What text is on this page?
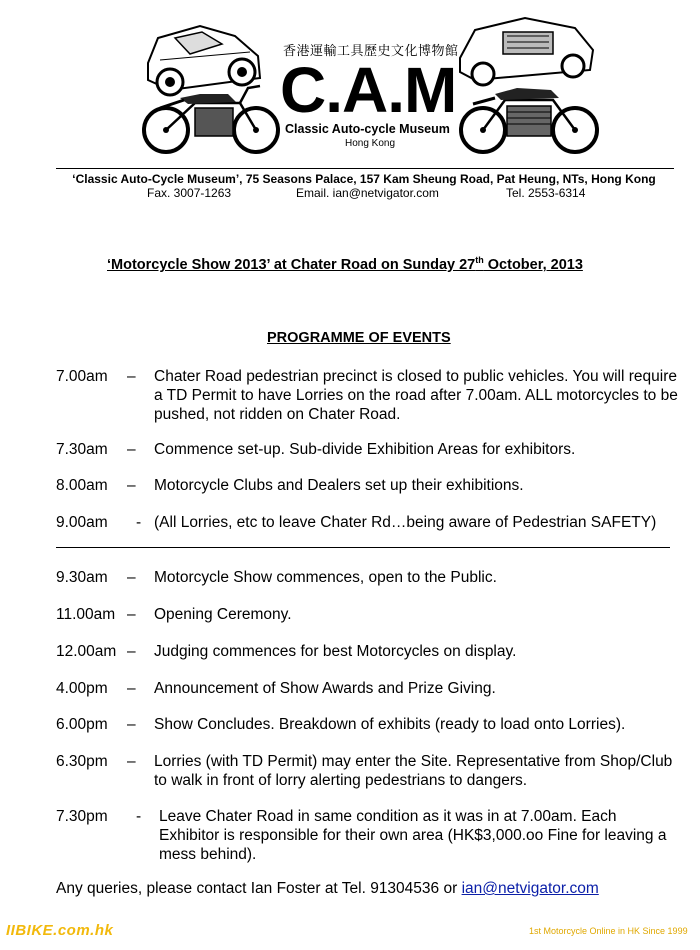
香港運輸工具歷史文化博物館
C.A.M
Classic Auto-cycle Museum
Hong Kong
‘Classic Auto-Cycle Museum’, 75 Seasons Palace, 157 Kam Sheung Road, Pat Heung, NTs, Hong Kong
Fax. 3007-1263	Email. ian@netvigator.com	Tel. 2553-6314
‘Motorcycle Show 2013’ at Chater Road on Sunday 27th October, 2013
PROGRAMME OF EVENTS
7.00am – Chater Road pedestrian precinct is closed to public vehicles. You will require a TD Permit to have Lorries on the road after 7.00am. ALL motorcycles to be pushed, not ridden on Chater Road.
7.30am – Commence set-up. Sub-divide Exhibition Areas for exhibitors.
8.00am – Motorcycle Clubs and Dealers set up their exhibitions.
9.00am - (All Lorries, etc to leave Chater Rd…being aware of Pedestrian SAFETY)
9.30am – Motorcycle Show commences, open to the Public.
11.00am – Opening Ceremony.
12.00am – Judging commences for best Motorcycles on display.
4.00pm – Announcement of Show Awards and Prize Giving.
6.00pm – Show Concludes. Breakdown of exhibits (ready to load onto Lorries).
6.30pm – Lorries (with TD Permit) may enter the Site. Representative from Shop/Club to walk in front of lorry alerting pedestrians to dangers.
7.30pm - Leave Chater Road in same condition as it was in at 7.00am. Each Exhibitor is responsible for their own area (HK$3,000.oo Fine for leaving a mess behind).
Any queries, please contact Ian Foster at Tel. 91304536 or ian@netvigator.com
IIBIKE.com.hk	1st Motorcycle Online in HK Since 1999
